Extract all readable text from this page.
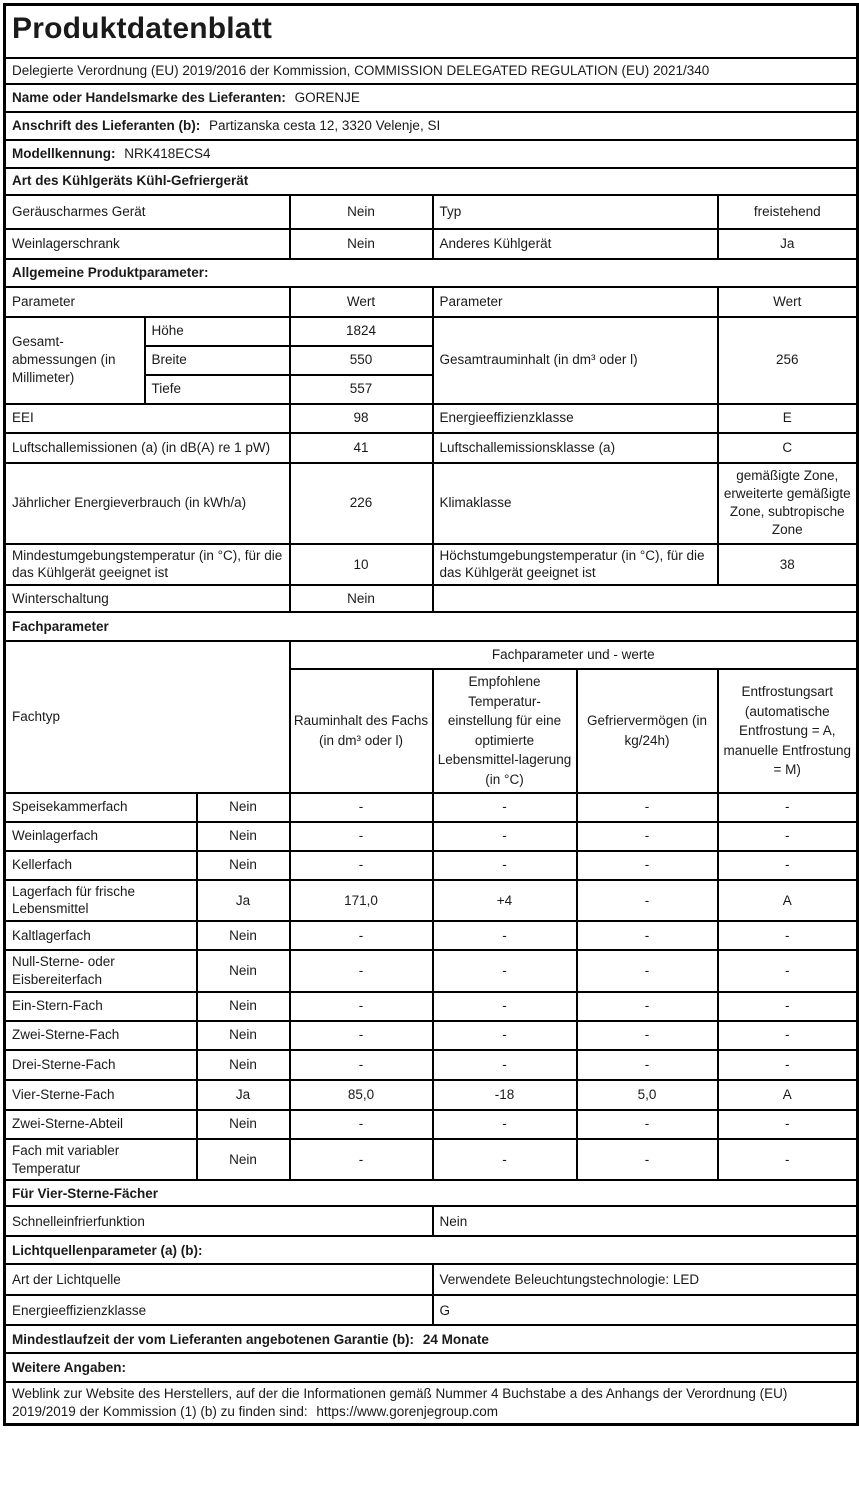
Produktdatenblatt						
Delegierte Verordnung (EU) 2019/2016 der Kommission, COMMISSION DELEGATED REGULATION (EU) 2021/340						
Name oder Handelsmarke des Lieferanten: GORENJE						
Anschrift des Lieferanten (b): Partizanska cesta 12, 3320 Velenje, SI						
Modellkennung: NRK418ECS4						
Art des Kühlgeräts Kühl-Gefriergerät						
Geräuscharmes Gerät			Nein	Typ		freistehend
Weinlagerschrank			Nein	Anderes Kühlgerät		Ja
Allgemeine Produktparameter:						
Parameter			Wert	Parameter		Wert
Gesamt-abmessungen (in Millimeter)	Höhe		1824	Gesamtrauminhalt (in dm³ oder l)		256
	Breite		550			
	Tiefe		557			
EEI			98	Energieeffizienzklasse		E
Luftschallemissionen (a) (in dB(A) re 1 pW)			41	Luftschallemissionsklasse (a)		C
Jährlicher Energieverbrauch (in kWh/a)			226	Klimaklasse		gemäßigte Zone, erweiterte gemäßigte Zone, subtropische Zone
Mindestumgebungstemperatur (in °C), für die das Kühlgerät geeignet ist			10	Höchstumgebungstemperatur (in °C), für die das Kühlgerät geeignet ist		38
Winterschaltung			Nein			
Fachparameter						
Fachtyp			Fachparameter und - werte			
			Rauminhalt des Fachs (in dm³ oder l)	Empfohlene Temperatur-einstellung für eine optimierte Lebensmittel-lagerung (in °C)	Gefriervermögen (in kg/24h)	Entfrostungsart (automatische Entfrostung = A, manuelle Entfrostung = M)
Speisekammerfach		Nein	-	-	-	-
Weinlagerfach		Nein	-	-	-	-
Kellerfach		Nein	-	-	-	-
Lagerfach für frische Lebensmittel		Ja	171,0	+4	-	A
Kaltlagerfach		Nein	-	-	-	-
Null-Sterne- oder Eisbereiterfach		Nein	-	-	-	-
Ein-Stern-Fach		Nein	-	-	-	-
Zwei-Sterne-Fach		Nein	-	-	-	-
Drei-Sterne-Fach		Nein	-	-	-	-
Vier-Sterne-Fach		Ja	85,0	-18	5,0	A
Zwei-Sterne-Abteil		Nein	-	-	-	-
Fach mit variabler Temperatur		Nein	-	-	-	-
Für Vier-Sterne-Fächer						
Schnelleinfrierfunktion				Nein		
Lichtquellenparameter (a) (b):						
Art der Lichtquelle				Verwendete Beleuchtungstechnologie: LED		
Energieeffizienzklasse				G		
Mindestlaufzeit der vom Lieferanten angebotenen Garantie (b): 24 Monate						
Weitere Angaben:						
Weblink zur Website des Herstellers, auf der die Informationen gemäß Nummer 4 Buchstabe a des Anhangs der Verordnung (EU) 2019/2019 der Kommission (1) (b) zu finden sind: https://www.gorenjegroup.com						
